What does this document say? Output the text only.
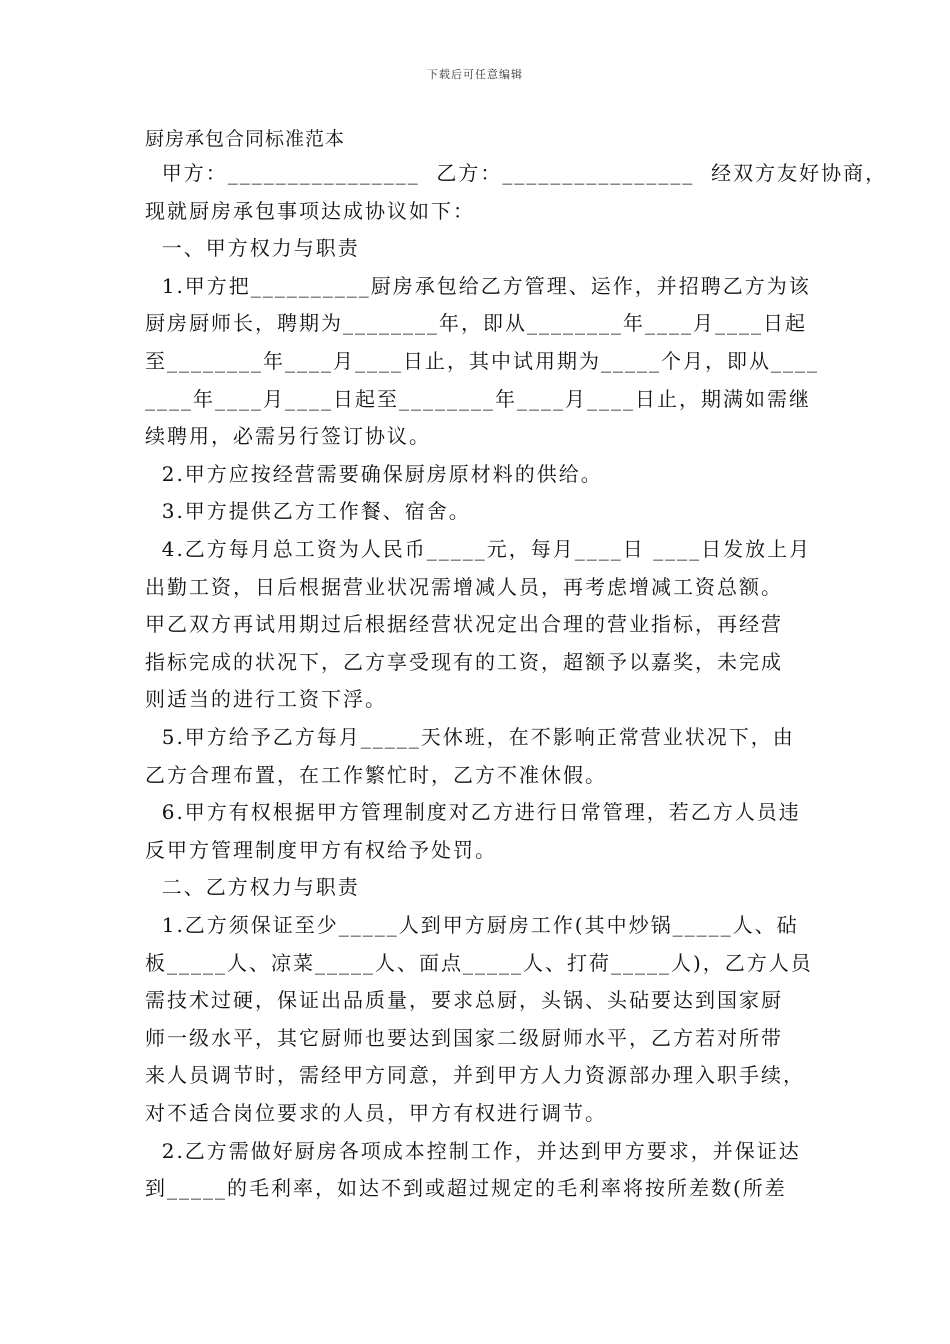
下载后可任意编辑
厨房承包合同标准范本
甲方：________________  乙方：________________  经双方友好协商，
现就厨房承包事项达成协议如下：
一、甲方权力与职责
1.甲方把__________厨房承包给乙方管理、运作，并招聘乙方为该
厨房厨师长，聘期为________年，即从________年____月____日起
至________年____月____日止，其中试用期为_____个月，即从____
____年____月____日起至________年____月____日止，期满如需继
续聘用，必需另行签订协议。
2.甲方应按经营需要确保厨房原材料的供给。
3.甲方提供乙方工作餐、宿舍。
4.乙方每月总工资为人民币_____元，每月____日 ____日发放上月
出勤工资，日后根据营业状况需增减人员，再考虑增减工资总额。
甲乙双方再试用期过后根据经营状况定出合理的营业指标，再经营
指标完成的状况下，乙方享受现有的工资，超额予以嘉奖，未完成
则适当的进行工资下浮。
5.甲方给予乙方每月_____天休班，在不影响正常营业状况下，由
乙方合理布置，在工作繁忙时，乙方不准休假。
6.甲方有权根据甲方管理制度对乙方进行日常管理，若乙方人员违
反甲方管理制度甲方有权给予处罚。
二、乙方权力与职责
1.乙方须保证至少_____人到甲方厨房工作(其中炒锅_____人、砧
板_____人、凉菜_____人、面点_____人、打荷_____人)，乙方人员
需技术过硬，保证出品质量，要求总厨，头锅、头砧要达到国家厨
师一级水平，其它厨师也要达到国家二级厨师水平，乙方若对所带
来人员调节时，需经甲方同意，并到甲方人力资源部办理入职手续，
对不适合岗位要求的人员，甲方有权进行调节。
2.乙方需做好厨房各项成本控制工作，并达到甲方要求，并保证达
到_____的毛利率，如达不到或超过规定的毛利率将按所差数(所差
